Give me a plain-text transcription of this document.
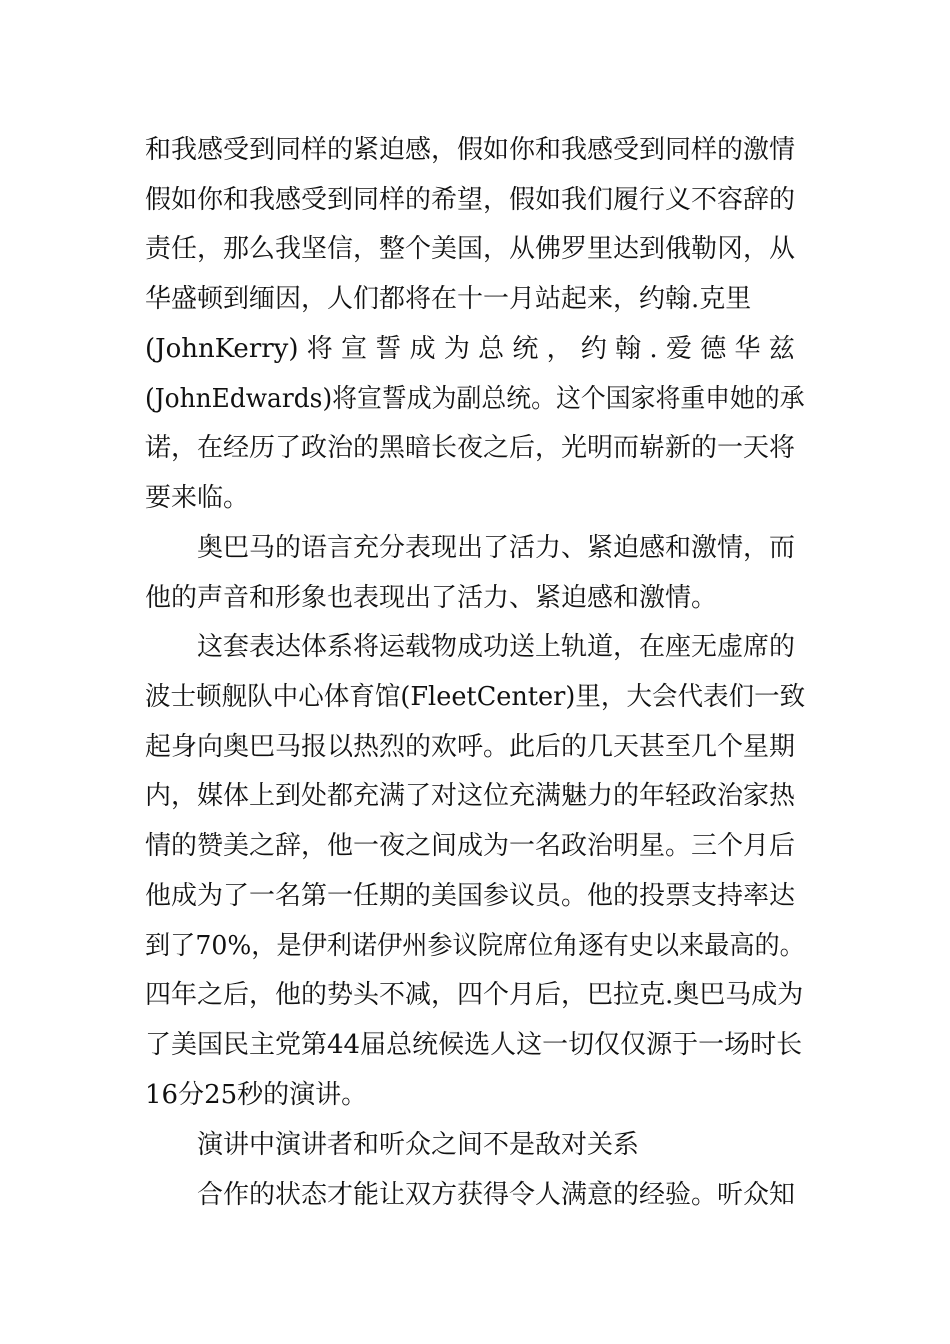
和我感受到同样的紧迫感，假如你和我感受到同样的激情
假如你和我感受到同样的希望，假如我们履行义不容辞的
责任，那么我坚信，整个美国，从佛罗里达到俄勒冈，从
华盛顿到缅因，人们都将在十一月站起来，约翰.克里
(JohnKerry) 将 宣 誓 成 为 总 统 ， 约 翰 . 爱 德 华 兹
(JohnEdwards)将宣誓成为副总统。这个国家将重申她的承
诺，在经历了政治的黑暗长夜之后，光明而崭新的一天将
要来临。
奥巴马的语言充分表现出了活力、紧迫感和激情，而
他的声音和形象也表现出了活力、紧迫感和激情。
这套表达体系将运载物成功送上轨道，在座无虚席的
波士顿舰队中心体育馆(FleetCenter)里，大会代表们一致
起身向奥巴马报以热烈的欢呼。此后的几天甚至几个星期
内，媒体上到处都充满了对这位充满魅力的年轻政治家热
情的赞美之辞，他一夜之间成为一名政治明星。三个月后
他成为了一名第一任期的美国参议员。他的投票支持率达
到了70%，是伊利诺伊州参议院席位角逐有史以来最高的。
四年之后，他的势头不减，四个月后，巴拉克.奥巴马成为
了美国民主党第44届总统候选人这一切仅仅源于一场时长
16分25秒的演讲。
演讲中演讲者和听众之间不是敌对关系
合作的状态才能让双方获得令人满意的经验。听众知
